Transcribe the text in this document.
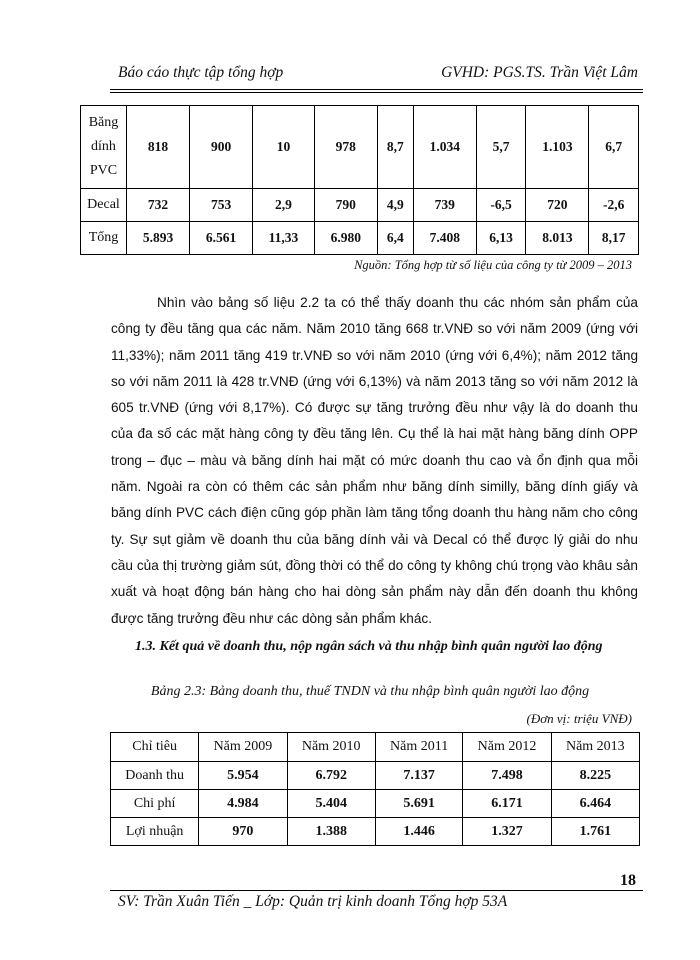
Báo cáo thực tập tổng hợp	GVHD: PGS.TS. Trần Việt Lâm
Băng
dính
PVC	818	900	10	978	8,7	1.034	5,7	1.103	6,7
Decal	732	753	2,9	790	4,9	739	-6,5	720	-2,6
Tổng	5.893	6.561	11,33	6.980	6,4	7.408	6,13	8.013	8,17
Nguồn: Tổng hợp từ số liệu của công ty từ 2009 – 2013

Nhìn vào bảng số liệu 2.2 ta có thể thấy doanh thu các nhóm sản phẩm của công ty đều tăng qua các năm. Năm 2010 tăng 668 tr.VNĐ so với năm 2009 (ứng với 11,33%); năm 2011 tăng 419 tr.VNĐ so với năm 2010 (ứng với 6,4%); năm 2012 tăng so với năm 2011 là 428 tr.VNĐ (ứng với 6,13%) và năm 2013 tăng so với năm 2012 là 605 tr.VNĐ (ứng với 8,17%). Có được sự tăng trưởng đều như vậy là do doanh thu của đa số các mặt hàng công ty đều tăng lên. Cụ thể là hai mặt hàng băng dính OPP trong – đục – màu và băng dính hai mặt có mức doanh thu cao và ổn định qua mỗi năm. Ngoài ra còn có thêm các sản phẩm như băng dính similly, băng dính giấy và băng dính PVC cách điện cũng góp phần làm tăng tổng doanh thu hàng năm cho công ty. Sự sụt giảm về doanh thu của băng dính vải và Decal có thể được lý giải do nhu cầu của thị trường giảm sút, đồng thời có thể do công ty không chú trọng vào khâu sản xuất và hoạt động bán hàng cho hai dòng sản phẩm này dẫn đến doanh thu không được tăng trưởng đều như các dòng sản phẩm khác.

1.3. Kết quả về doanh thu, nộp ngân sách và thu nhập bình quân người lao động
Bảng 2.3: Bảng doanh thu, thuế TNDN và thu nhập bình quân người lao động
(Đơn vị: triệu VNĐ)
Chỉ tiêu	Năm 2009	Năm 2010	Năm 2011	Năm 2012	Năm 2013
Doanh thu	5.954	6.792	7.137	7.498	8.225
Chi phí	4.984	5.404	5.691	6.171	6.464
Lợi nhuận	970	1.388	1.446	1.327	1.761
18
SV: Trần Xuân Tiến _ Lớp: Quản trị kinh doanh Tổng hợp 53A
